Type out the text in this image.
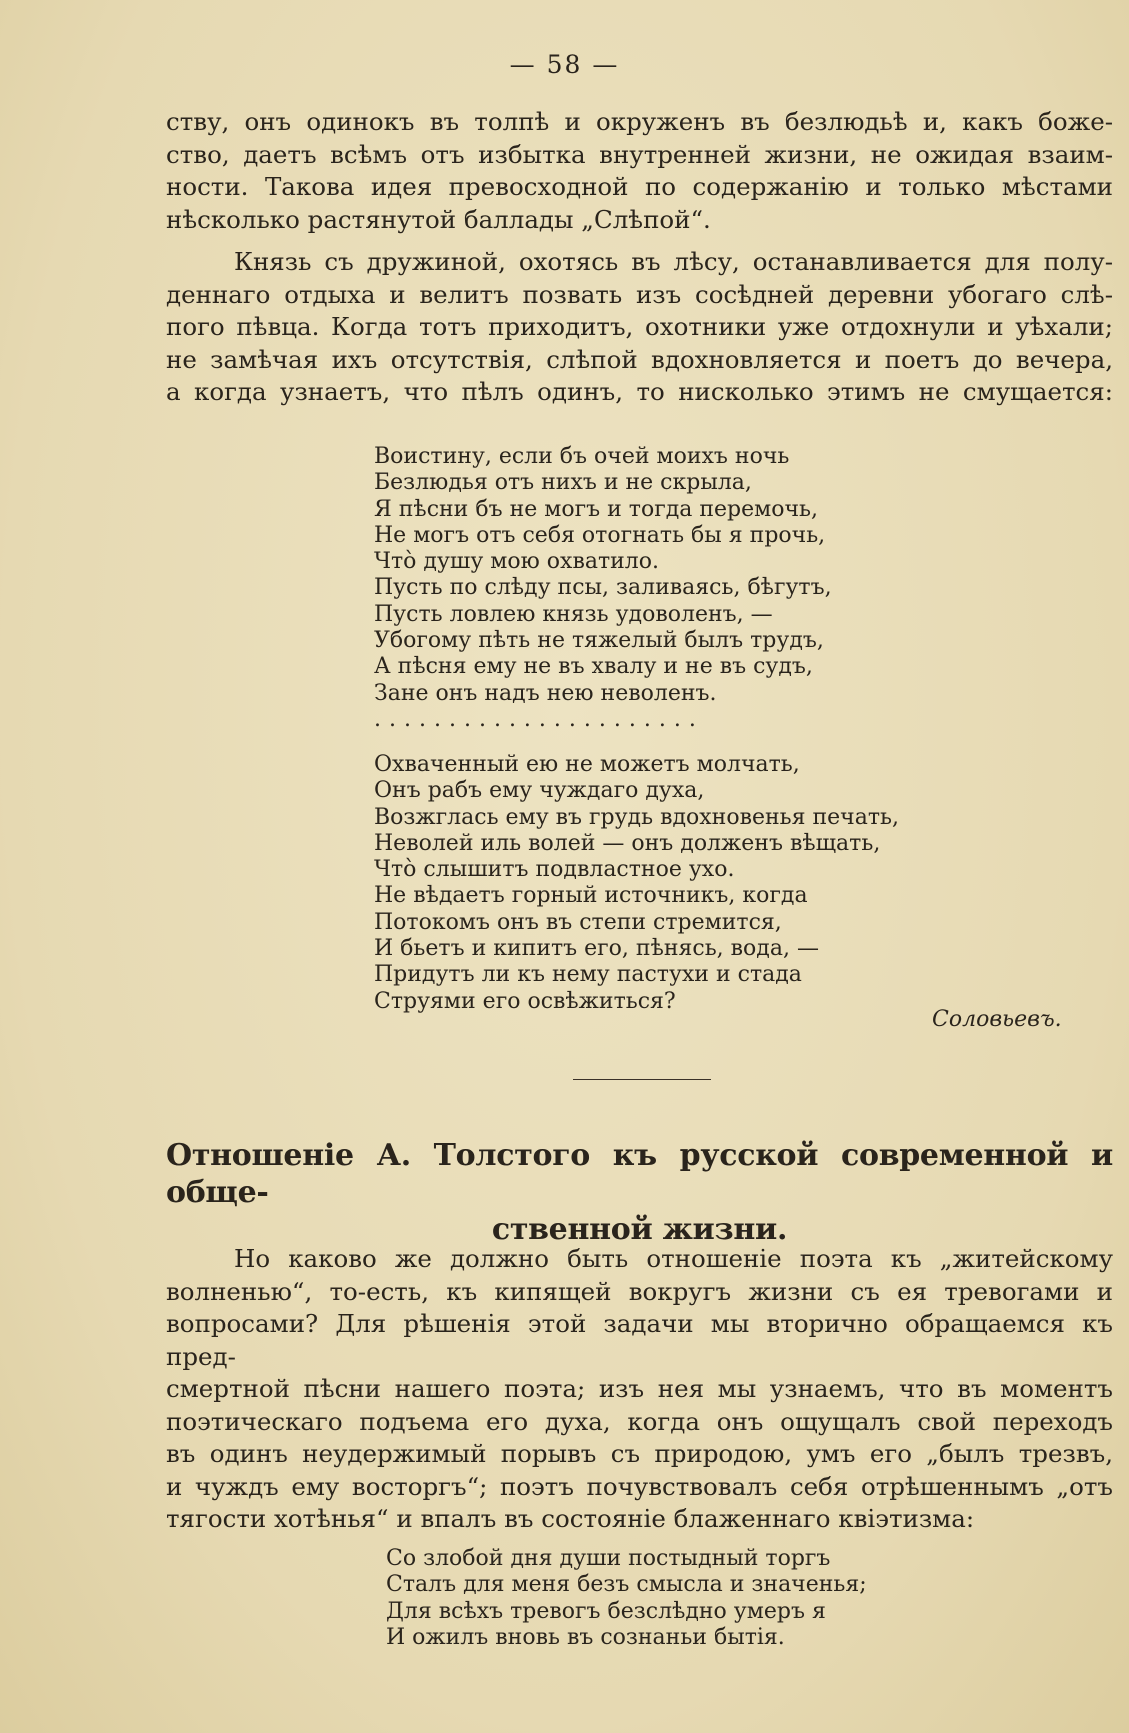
— 58 —

ству, онъ одинокъ въ толпѣ и окруженъ въ безлюдьѣ и, какъ боже-

ство, даетъ всѣмъ отъ избытка внутренней жизни, не ожидая взаим-

ности. Такова идея превосходной по содержанію и только мѣстами

нѣсколько растянутой баллады „Слѣпой“.

Князь съ дружиной, охотясь въ лѣсу, останавливается для полу-

деннаго отдыха и велитъ позвать изъ сосѣдней деревни убогаго слѣ-

пого пѣвца. Когда тотъ приходитъ, охотники уже отдохнули и уѣхали;

не замѣчая ихъ отсутствія, слѣпой вдохновляется и поетъ до вечера,

а когда узнаетъ, что пѣлъ одинъ, то нисколько этимъ не смущается:

Воистину, если бъ очей моихъ ночь
Безлюдья отъ нихъ и не скрыла,
Я пѣсни бъ не могъ и тогда перемочь,
Не могъ отъ себя отогнать бы я прочь,
Что̀ душу мою охватило.
Пусть по слѣду псы, заливаясь, бѣгутъ,
Пусть ловлею князь удоволенъ, —
Убогому пѣть не тяжелый былъ трудъ,
А пѣсня ему не въ хвалу и не въ судъ,
Зане онъ надъ нею неволенъ.
......................
Охваченный ею не можетъ молчать,
Онъ рабъ ему чуждаго духа,
Возжглась ему въ грудь вдохновенья печать,
Неволей иль волей — онъ долженъ вѣщать,
Что̀ слышитъ подвластное ухо.
Не вѣдаетъ горный источникъ, когда
Потокомъ онъ въ степи стремится,
И бьетъ и кипитъ его, пѣнясь, вода, —
Придутъ ли къ нему пастухи и стада
Струями его освѣжиться?
Соловьевъ.
Отношеніе А. Толстого къ русской современной и обще-
ственной жизни.

Но каково же должно быть отношеніе поэта къ „житейскому

волненью“, то-есть, къ кипящей вокругъ жизни съ ея тревогами и

вопросами? Для рѣшенія этой задачи мы вторично обращаемся къ пред-

смертной пѣсни нашего поэта; изъ нея мы узнаемъ, что въ моментъ

поэтическаго подъема его духа, когда онъ ощущалъ свой переходъ

въ одинъ неудержимый порывъ съ природою, умъ его „былъ трезвъ,

и чуждъ ему восторгъ“; поэтъ почувствовалъ себя отрѣшеннымъ „отъ

тягости хотѣнья“ и впалъ въ состояніе блаженнаго квіэтизма:

Со злобой дня души постыдный торгъ
Сталъ для меня безъ смысла и значенья;
Для всѣхъ тревогъ безслѣдно умеръ я
И ожилъ вновь въ сознаньи бытія.
